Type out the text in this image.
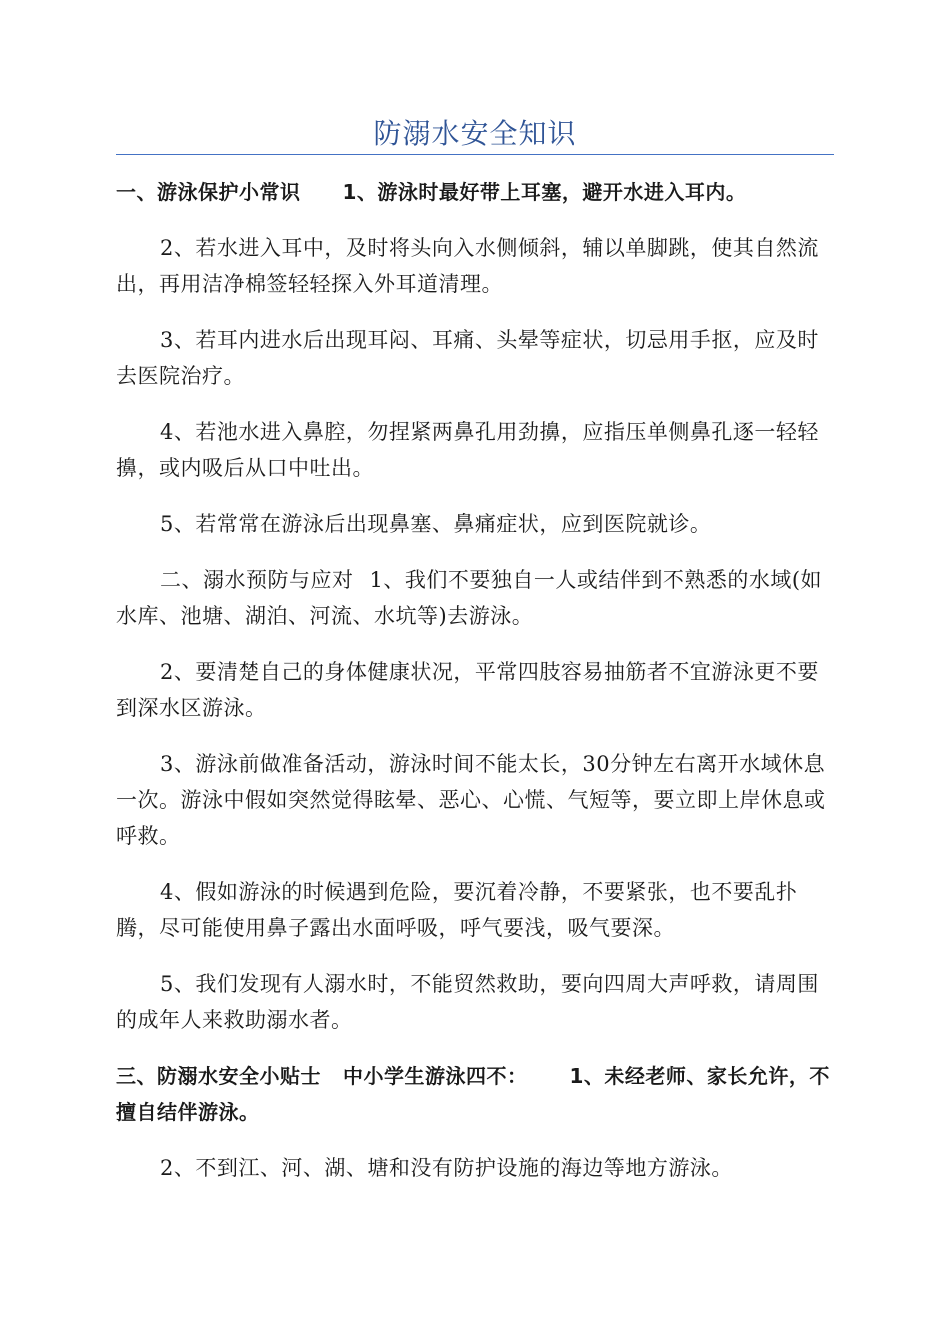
防溺水安全知识

一、游泳保护小常识 1、游泳时最好带上耳塞，避开水进入耳内。

2、若水进入耳中，及时将头向入水侧倾斜，辅以单脚跳，使其自然流出，再用洁净棉签轻轻探入外耳道清理。

3、若耳内进水后出现耳闷、耳痛、头晕等症状，切忌用手抠，应及时去医院治疗。

4、若池水进入鼻腔，勿捏紧两鼻孔用劲擤，应指压单侧鼻孔逐一轻轻擤，或内吸后从口中吐出。

5、若常常在游泳后出现鼻塞、鼻痛症状，应到医院就诊。

二、溺水预防与应对 1、我们不要独自一人或结伴到不熟悉的水域(如水库、池塘、湖泊、河流、水坑等)去游泳。

2、要清楚自己的身体健康状况，平常四肢容易抽筋者不宜游泳更不要到深水区游泳。

3、游泳前做准备活动，游泳时间不能太长，30分钟左右离开水域休息一次。游泳中假如突然觉得眩晕、恶心、心慌、气短等，要立即上岸休息或呼救。

4、假如游泳的时候遇到危险，要沉着冷静，不要紧张，也不要乱扑腾，尽可能使用鼻子露出水面呼吸，呼气要浅，吸气要深。

5、我们发现有人溺水时，不能贸然救助，要向四周大声呼救，请周围的成年人来救助溺水者。

三、防溺水安全小贴士 中小学生游泳四不： 1、未经老师、家长允许，不擅自结伴游泳。

2、不到江、河、湖、塘和没有防护设施的海边等地方游泳。
